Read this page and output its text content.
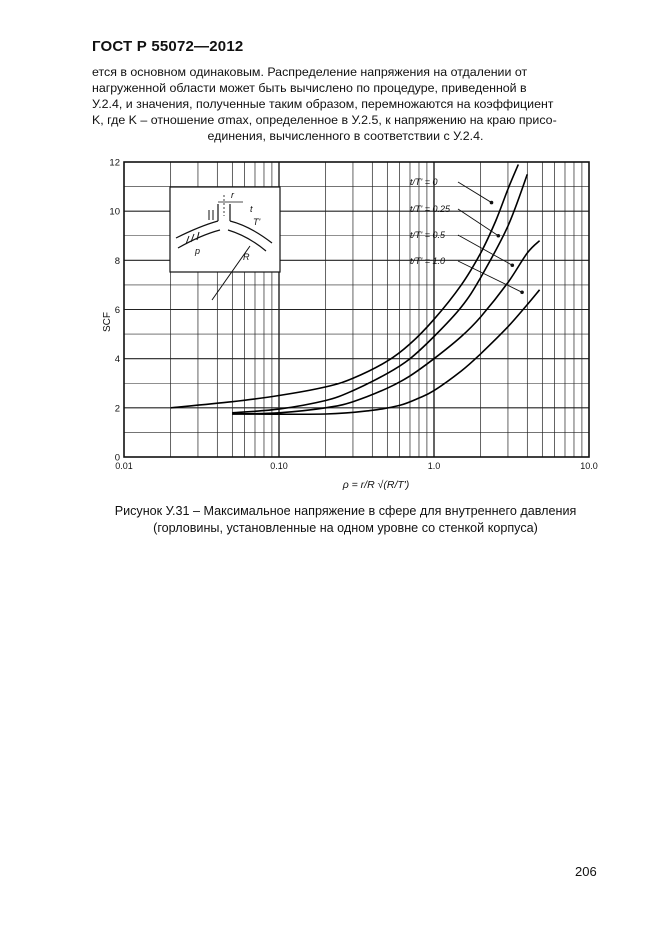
ГОСТ Р 55072—2012
ется в основном одинаковым. Распределение напряжения на отдалении от
нагруженной области может быть вычислено по процедуре, приведенной в
У.2.4, и значения, полученные таким образом, перемножаются на коэффициент
K, где K – отношение σmax, определенное в У.2.5, к напряжению на краю присо-
единения, вычисленного в соответствии с У.2.4.
0
2
4
6
8
10
12
0.01	0.10	1.0	10.0
t/T' = 0
t/T' = 0.25
t/T' = 0.5
t/T' = 1.0
r
t
T'
p
R
SCF
ρ = r/R √(R/T')
Рисунок У.31 – Максимальное напряжение в сфере для внутреннего давления
(горловины, установленные на одном уровне со стенкой корпуса)
206
